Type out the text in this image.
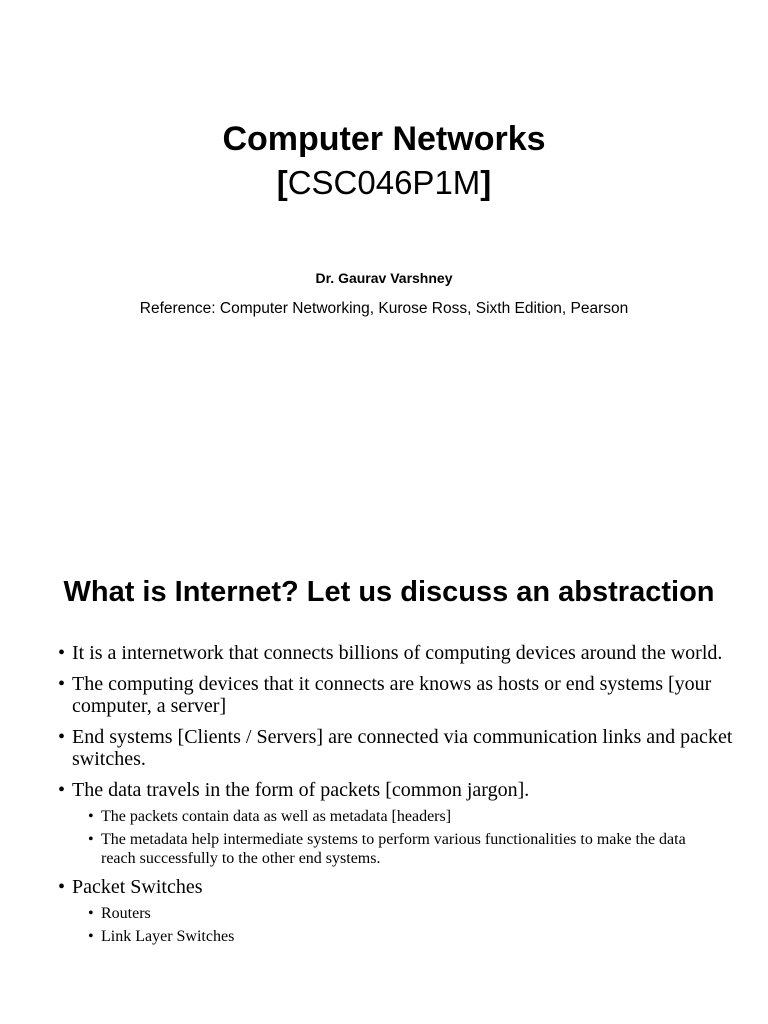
Computer Networks
[CSC046P1M]
Dr. Gaurav Varshney
Reference: Computer Networking, Kurose Ross, Sixth Edition, Pearson
What is Internet? Let us discuss an abstraction
• It is a internetwork that connects billions of computing devices around the world.
• The computing devices that it connects are knows as hosts or end systems [your computer, a server]
• End systems [Clients / Servers] are connected via communication links and packet switches.
• The data travels in the form of packets [common jargon].
• The packets contain data as well as metadata [headers]
• The metadata help intermediate systems to perform various functionalities to make the data reach successfully to the other end systems.
• Packet Switches
• Routers
• Link Layer Switches
